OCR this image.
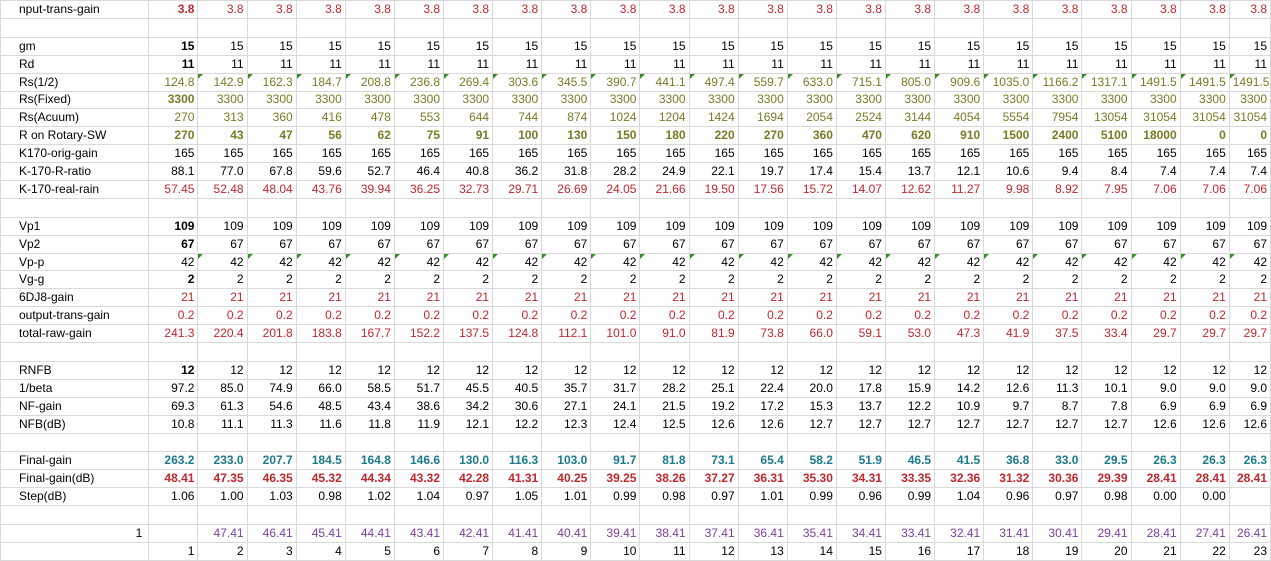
nput-trans-gain	3.8	3.8	3.8	3.8	3.8	3.8	3.8	3.8	3.8	3.8	3.8	3.8	3.8	3.8	3.8	3.8	3.8	3.8	3.8	3.8	3.8	3.8	3.8

gm	15	15	15	15	15	15	15	15	15	15	15	15	15	15	15	15	15	15	15	15	15	15	15
Rd	11	11	11	11	11	11	11	11	11	11	11	11	11	11	11	11	11	11	11	11	11	11	11
Rs(1/2)	124.8	142.9	162.3	184.7	208.8	236.8	269.4	303.6	345.5	390.7	441.1	497.4	559.7	633.0	715.1	805.0	909.6	1035.0	1166.2	1317.1	1491.5	1491.5	1491.5
Rs(Fixed)	3300	3300	3300	3300	3300	3300	3300	3300	3300	3300	3300	3300	3300	3300	3300	3300	3300	3300	3300	3300	3300	3300	3300
Rs(Acuum)	270	313	360	416	478	553	644	744	874	1024	1204	1424	1694	2054	2524	3144	4054	5554	7954	13054	31054	31054	31054
R on Rotary-SW	270	43	47	56	62	75	91	100	130	150	180	220	270	360	470	620	910	1500	2400	5100	18000	0	0
K170-orig-gain	165	165	165	165	165	165	165	165	165	165	165	165	165	165	165	165	165	165	165	165	165	165	165
K-170-R-ratio	88.1	77.0	67.8	59.6	52.7	46.4	40.8	36.2	31.8	28.2	24.9	22.1	19.7	17.4	15.4	13.7	12.1	10.6	9.4	8.4	7.4	7.4	7.4
K-170-real-rain	57.45	52.48	48.04	43.76	39.94	36.25	32.73	29.71	26.69	24.05	21.66	19.50	17.56	15.72	14.07	12.62	11.27	9.98	8.92	7.95	7.06	7.06	7.06

Vp1	109	109	109	109	109	109	109	109	109	109	109	109	109	109	109	109	109	109	109	109	109	109	109
Vp2	67	67	67	67	67	67	67	67	67	67	67	67	67	67	67	67	67	67	67	67	67	67	67
Vp-p	42	42	42	42	42	42	42	42	42	42	42	42	42	42	42	42	42	42	42	42	42	42	42
Vg-g	2	2	2	2	2	2	2	2	2	2	2	2	2	2	2	2	2	2	2	2	2	2	2
6DJ8-gain	21	21	21	21	21	21	21	21	21	21	21	21	21	21	21	21	21	21	21	21	21	21	21
output-trans-gain	0.2	0.2	0.2	0.2	0.2	0.2	0.2	0.2	0.2	0.2	0.2	0.2	0.2	0.2	0.2	0.2	0.2	0.2	0.2	0.2	0.2	0.2	0.2
total-raw-gain	241.3	220.4	201.8	183.8	167.7	152.2	137.5	124.8	112.1	101.0	91.0	81.9	73.8	66.0	59.1	53.0	47.3	41.9	37.5	33.4	29.7	29.7	29.7

RNFB	12	12	12	12	12	12	12	12	12	12	12	12	12	12	12	12	12	12	12	12	12	12	12
1/beta	97.2	85.0	74.9	66.0	58.5	51.7	45.5	40.5	35.7	31.7	28.2	25.1	22.4	20.0	17.8	15.9	14.2	12.6	11.3	10.1	9.0	9.0	9.0
NF-gain	69.3	61.3	54.6	48.5	43.4	38.6	34.2	30.6	27.1	24.1	21.5	19.2	17.2	15.3	13.7	12.2	10.9	9.7	8.7	7.8	6.9	6.9	6.9
NFB(dB)	10.8	11.1	11.3	11.6	11.8	11.9	12.1	12.2	12.3	12.4	12.5	12.6	12.6	12.7	12.7	12.7	12.7	12.7	12.7	12.7	12.6	12.6	12.6

Final-gain	263.2	233.0	207.7	184.5	164.8	146.6	130.0	116.3	103.0	91.7	81.8	73.1	65.4	58.2	51.9	46.5	41.5	36.8	33.0	29.5	26.3	26.3	26.3
Final-gain(dB)	48.41	47.35	46.35	45.32	44.34	43.32	42.28	41.31	40.25	39.25	38.26	37.27	36.31	35.30	34.31	33.35	32.36	31.32	30.36	29.39	28.41	28.41	28.41
Step(dB)	1.06	1.00	1.03	0.98	1.02	1.04	0.97	1.05	1.01	0.99	0.98	0.97	1.01	0.99	0.96	0.99	1.04	0.96	0.97	0.98	0.00	0.00	

1		47.41	46.41	45.41	44.41	43.41	42.41	41.41	40.41	39.41	38.41	37.41	36.41	35.41	34.41	33.41	32.41	31.41	30.41	29.41	28.41	27.41	26.41
	1	2	3	4	5	6	7	8	9	10	11	12	13	14	15	16	17	18	19	20	21	22	23
